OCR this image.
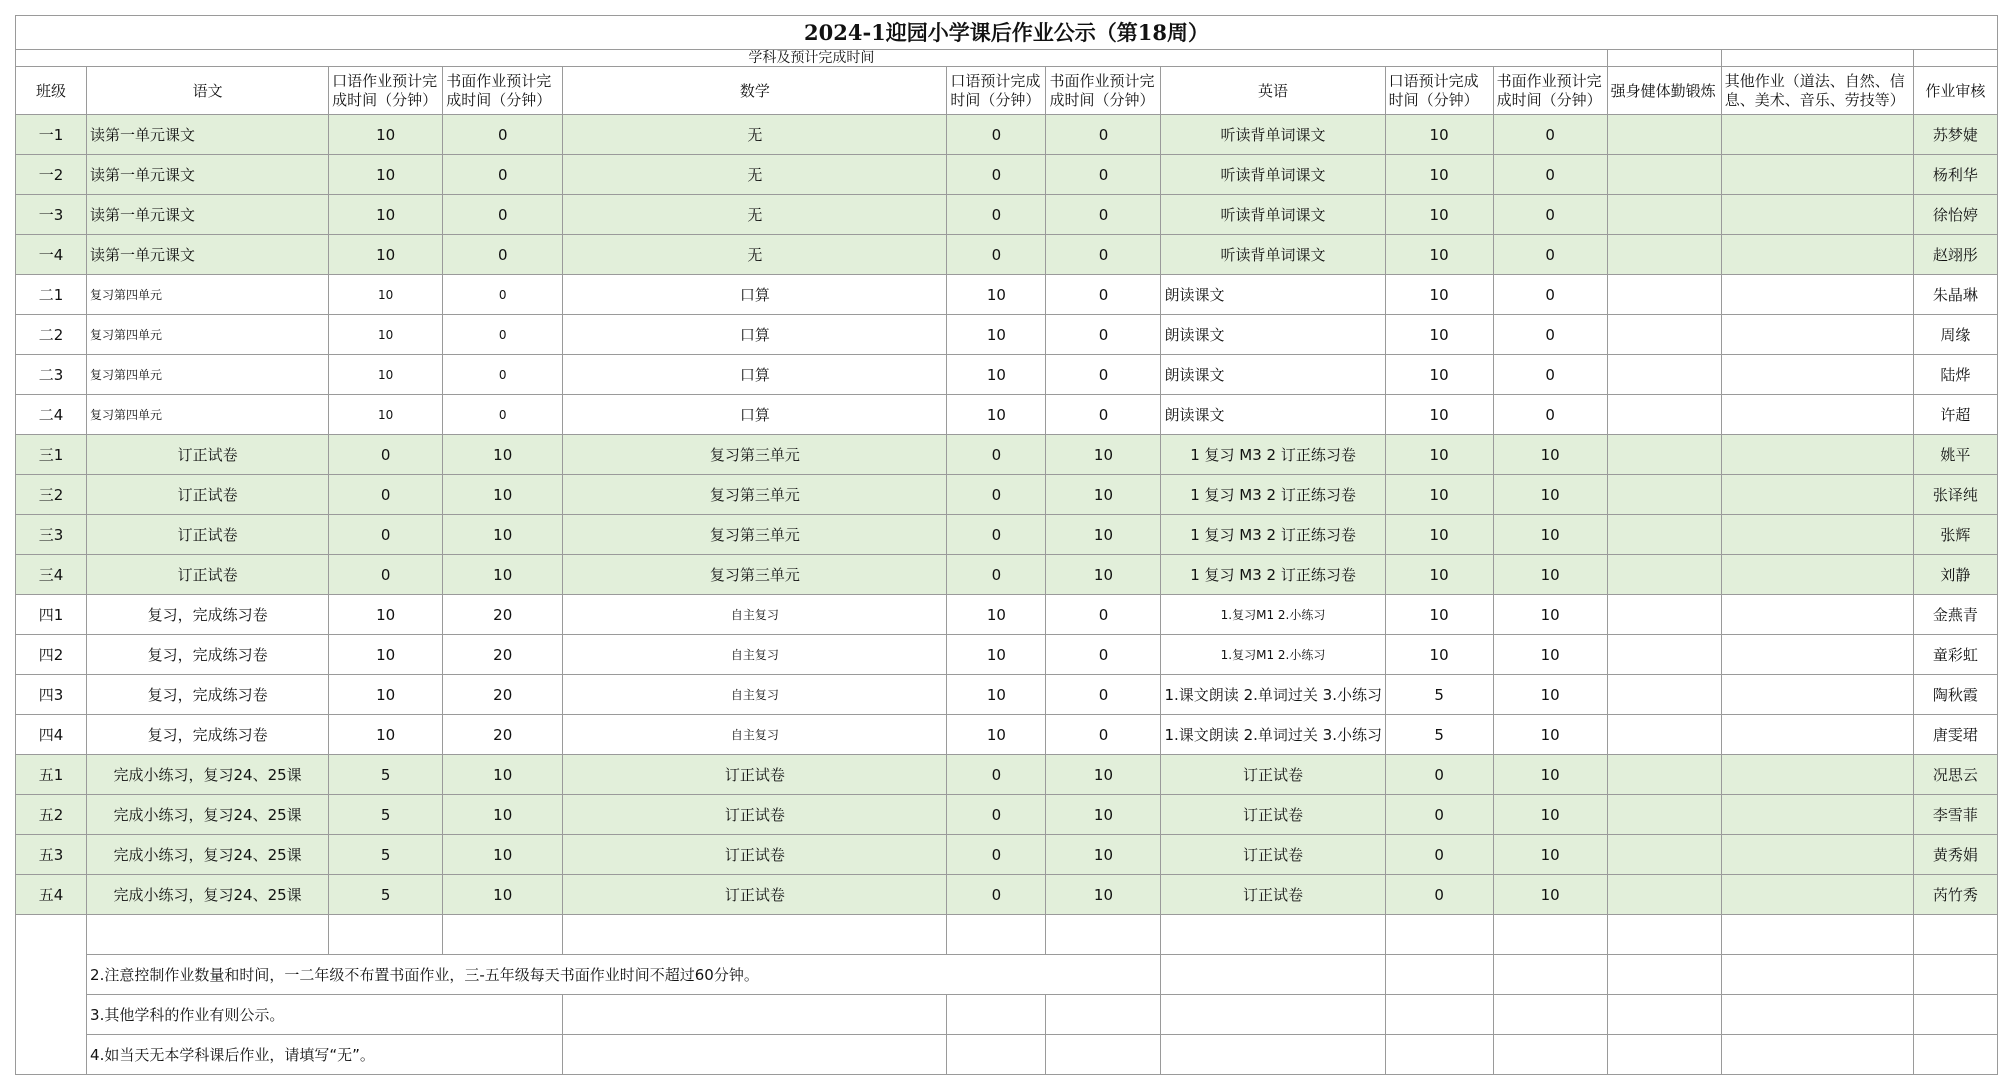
2024-1迎园小学课后作业公示（第18周）												
学科及预计完成时间												
班级	语文	口语作业预计完成时间（分钟）	书面作业预计完成时间（分钟）	数学	口语预计完成时间（分钟）	书面作业预计完成时间（分钟）	英语	口语预计完成时间（分钟）	书面作业预计完成时间（分钟）	强身健体勤锻炼	其他作业（道法、自然、信息、美术、音乐、劳技等）	作业审核
一1	读第一单元课文	10	0	无	0	0	听读背单词课文	10	0			苏梦婕
一2	读第一单元课文	10	0	无	0	0	听读背单词课文	10	0			杨利华
一3	读第一单元课文	10	0	无	0	0	听读背单词课文	10	0			徐怡婷
一4	读第一单元课文	10	0	无	0	0	听读背单词课文	10	0			赵翊彤
二1	复习第四单元	10	0	口算	10	0	朗读课文	10	0			朱晶琳
二2	复习第四单元	10	0	口算	10	0	朗读课文	10	0			周缘
二3	复习第四单元	10	0	口算	10	0	朗读课文	10	0			陆烨
二4	复习第四单元	10	0	口算	10	0	朗读课文	10	0			许超
三1	订正试卷	0	10	复习第三单元	0	10	1 复习 M3 2 订正练习卷	10	10			姚平
三2	订正试卷	0	10	复习第三单元	0	10	1 复习 M3 2 订正练习卷	10	10			张译纯
三3	订正试卷	0	10	复习第三单元	0	10	1 复习 M3 2 订正练习卷	10	10			张辉
三4	订正试卷	0	10	复习第三单元	0	10	1 复习 M3 2 订正练习卷	10	10			刘静
四1	复习，完成练习卷	10	20	自主复习	10	0	1.复习M1 2.小练习	10	10			金燕青
四2	复习，完成练习卷	10	20	自主复习	10	0	1.复习M1 2.小练习	10	10			童彩虹
四3	复习，完成练习卷	10	20	自主复习	10	0	1.课文朗读 2.单词过关 3.小练习	5	10			陶秋霞
四4	复习，完成练习卷	10	20	自主复习	10	0	1.课文朗读 2.单词过关 3.小练习	5	10			唐雯珺
五1	完成小练习，复习24、25课	5	10	订正试卷	0	10	订正试卷	0	10			况思云
五2	完成小练习，复习24、25课	5	10	订正试卷	0	10	订正试卷	0	10			李雪菲
五3	完成小练习，复习24、25课	5	10	订正试卷	0	10	订正试卷	0	10			黄秀娟
五4	完成小练习，复习24、25课	5	10	订正试卷	0	10	订正试卷	0	10			芮竹秀

	2.注意控制作业数量和时间，一二年级不布置书面作业，三-五年级每天书面作业时间不超过60分钟。											
	3.其他学科的作业有则公示。											
	4.如当天无本学科课后作业，请填写“无”。											
